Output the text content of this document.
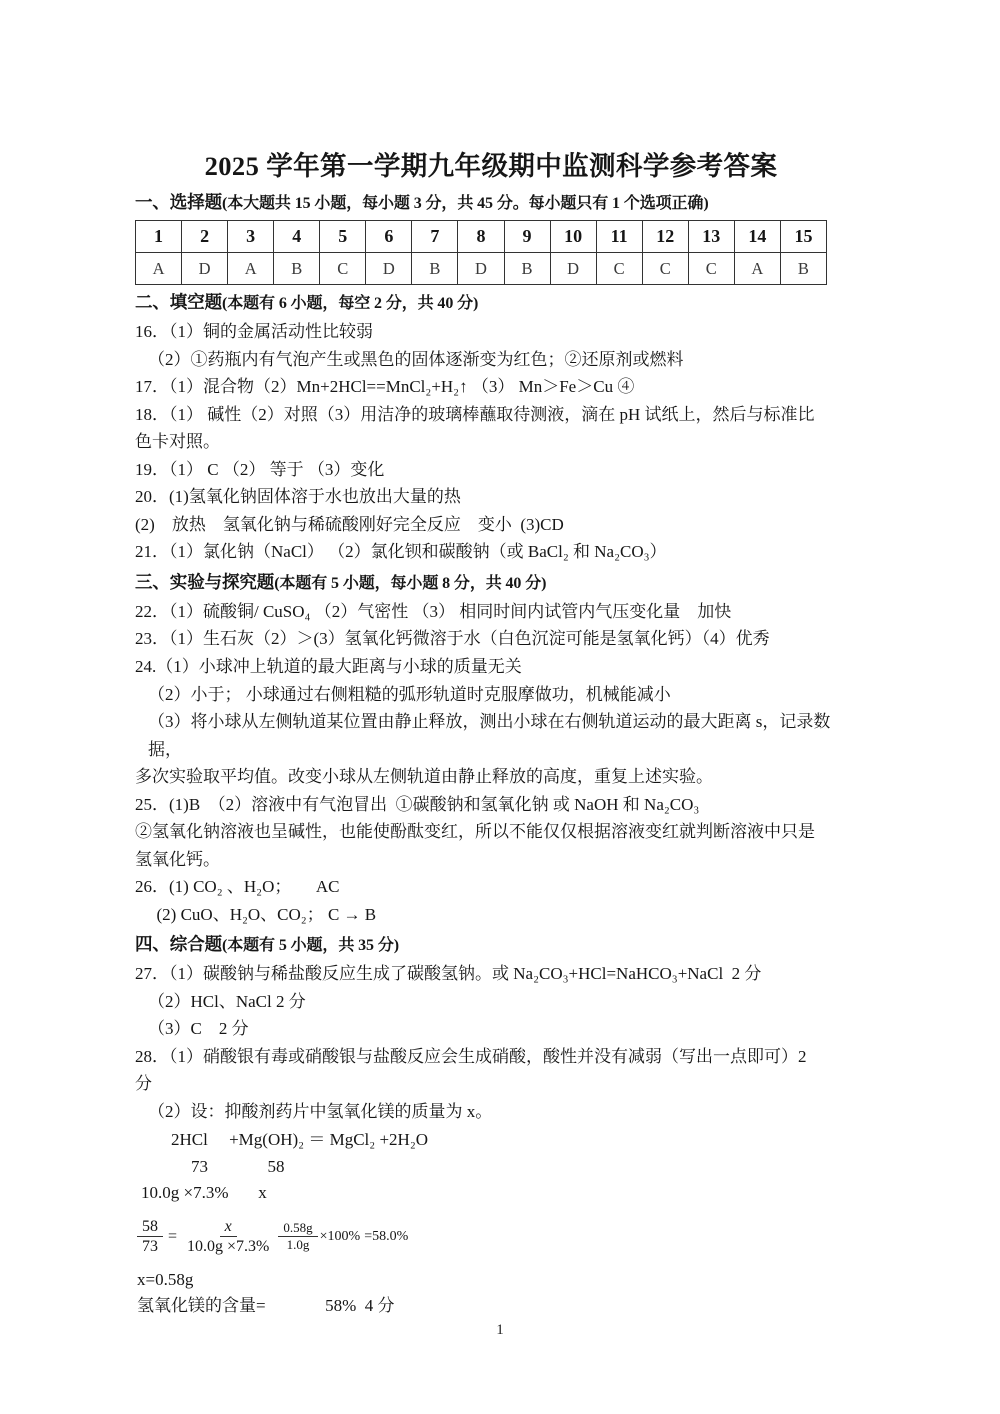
2025 学年第一学期九年级期中监测科学参考答案
一、选择题(本大题共 15 小题，每小题 3 分，共 45 分。每小题只有 1 个选项正确)
1	2	3	4	5	6	7	8	9	10	11	12	13	14	15
A	D	A	B	C	D	B	D	B	D	C	C	C	A	B
二、填空题(本题有 6 小题，每空 2 分，共 40 分)

16．（1）铜的金属活动性比较弱

（2）①药瓶内有气泡产生或黑色的固体逐渐变为红色；②还原剂或燃料

17．（1）混合物（2）Mn+2HCl==MnCl₂+H₂↑ （3） Mn＞Fe＞Cu ④

18．（1） 碱性（2）对照（3）用洁净的玻璃棒蘸取待测液，滴在 pH 试纸上，然后与标准比

色卡对照。

19．（1） C （2） 等于 （3）变化

20．(1)氢氧化钠固体溶于水也放出大量的热

(2)    放热    氢氧化钠与稀硫酸刚好完全反应    变小  (3)CD

21．（1）氯化钠（NaCl） （2）氯化钡和碳酸钠（或 BaCl₂ 和 Na₂CO₃）

三、实验与探究题(本题有 5 小题，每小题 8 分，共 40 分)

22．（1）硫酸铜/ CuSO₄ （2）气密性 （3） 相同时间内试管内气压变化量    加快

23．（1）生石灰（2）＞(3）氢氧化钙微溶于水（白色沉淀可能是氢氧化钙）（4）优秀

24.（1）小球冲上轨道的最大距离与小球的质量无关

（2）小于； 小球通过右侧粗糙的弧形轨道时克服摩做功，机械能减小

（3）将小球从左侧轨道某位置由静止释放，测出小球在右侧轨道运动的最大距离 s，记录数据，

多次实验取平均值。改变小球从左侧轨道由静止释放的高度，重复上述实验。

25．(1)B  （2）溶液中有气泡冒出  ①碳酸钠和氢氧化钠 或 NaOH 和 Na₂CO₃

②氢氧化钠溶液也呈碱性，也能使酚酞变红，所以不能仅仅根据溶液变红就判断溶液中只是

氢氧化钙。

26．(1) CO₂ 、H₂O；      AC

(2) CuO、H₂O、CO₂； C → B

四、综合题(本题有 5 小题，共 35 分)

27．（1）碳酸钠与稀盐酸反应生成了碳酸氢钠。或 Na₂CO₃+HCl=NaHCO₃+NaCl  2 分

（2）HCl、NaCl 2 分

（3）C    2 分

28．（1）硝酸银有毒或硝酸银与盐酸反应会生成硝酸，酸性并没有减弱（写出一点即可）2

分

（2）设：抑酸剂药片中氢氧化镁的质量为 x。

2HCl     +Mg(OH)₂ ＝ MgCl₂ +2H₂O
73              58
10.0g ×7.3%       x
$\frac{58}{73} = \frac{x}{10.0g \times 7.3\%} \frac{0.58g}{1.0g} \times 100\% =58.0\%$
x=0.58g
氢氧化镁的含量=              58%  4 分
1
